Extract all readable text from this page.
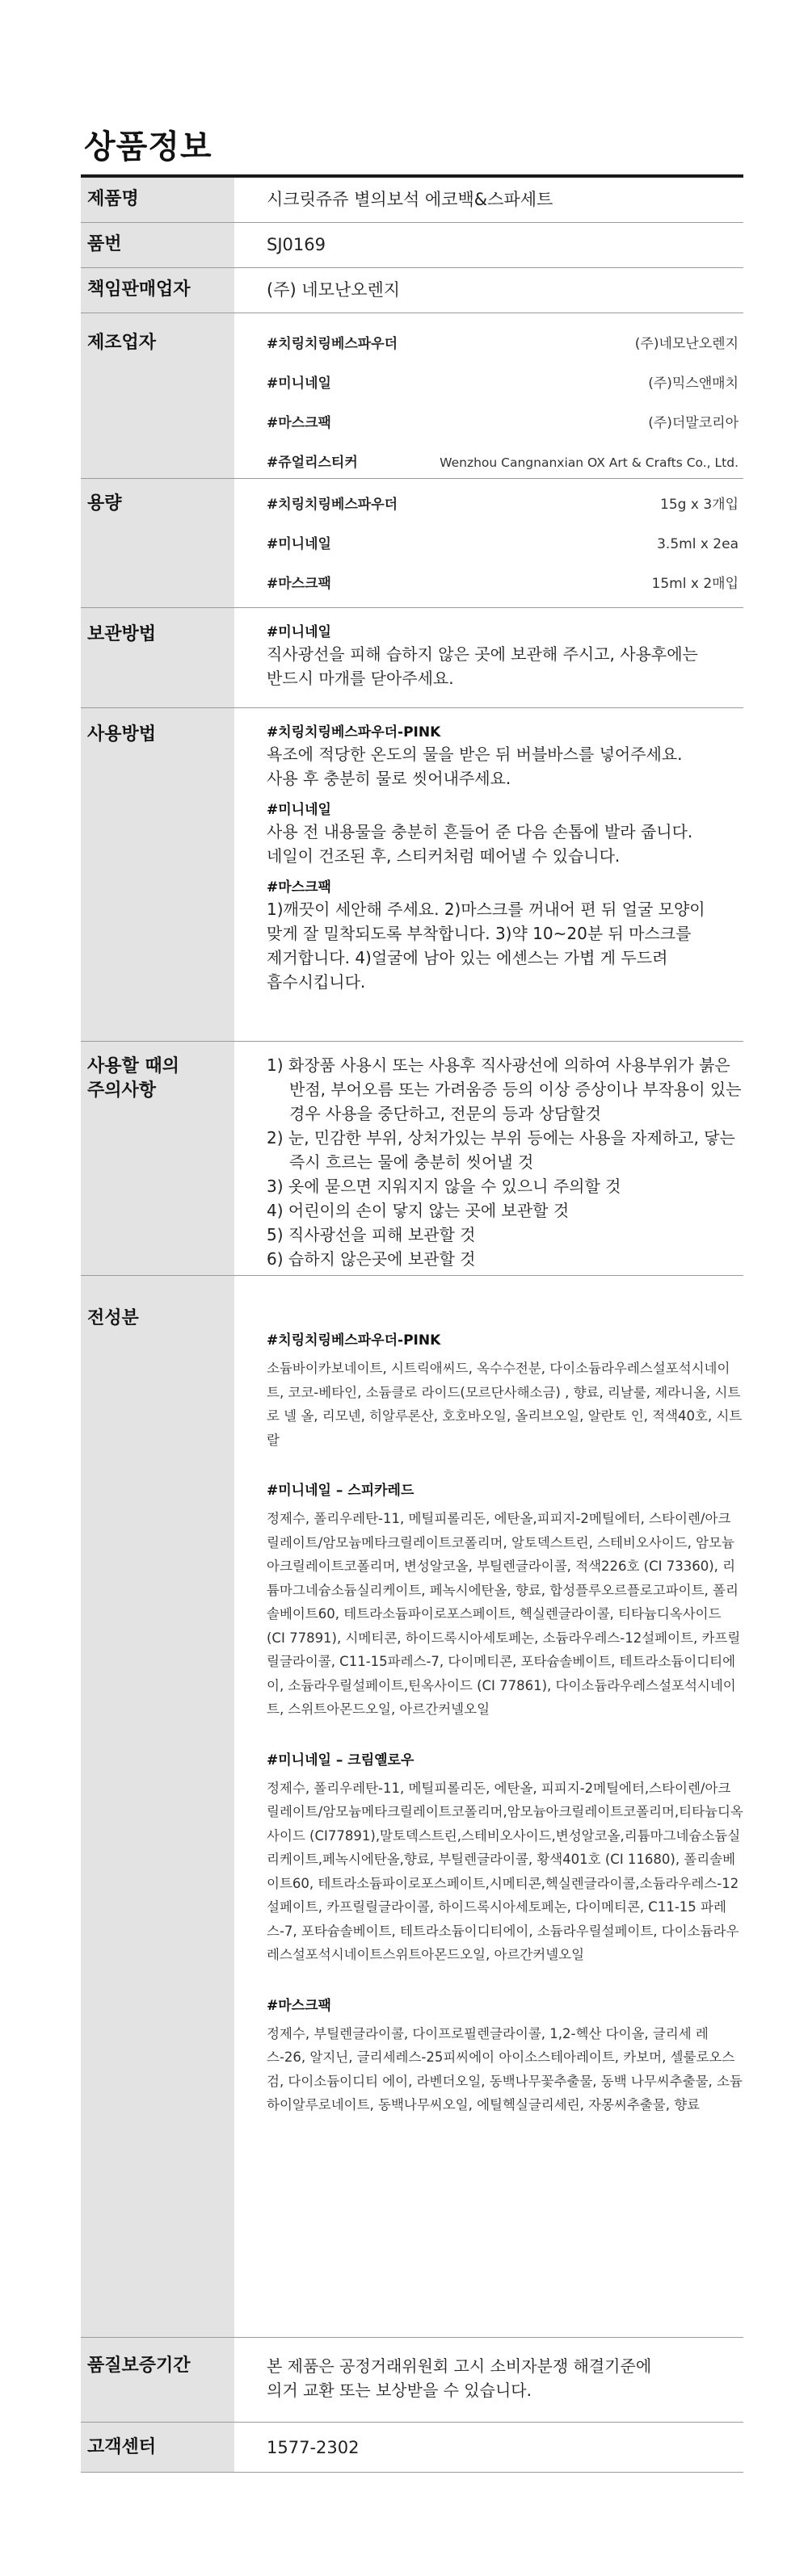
상품정보
제품명	시크릿쥬쥬 별의보석 에코백&스파세트
품번	SJ0169
책임판매업자	(주) 네모난오렌지
제조업자	#치링치링베스파우더	(주)네모난오렌지
#미니네일	(주)믹스앤매치
#마스크팩	(주)더말코리아
#쥬얼리스티커	Wenzhou Cangnanxian OX Art & Crafts Co., Ltd.
용량	#치링치링베스파우더	15g x 3개입
#미니네일	3.5ml x 2ea
#마스크팩	15ml x 2매입
보관방법	#미니네일
직사광선을 피해 습하지 않은 곳에 보관해 주시고, 사용후에는
반드시 마개를 닫아주세요.
사용방법	#치링치링베스파우더-PINK
욕조에 적당한 온도의 물을 받은 뒤 버블바스를 넣어주세요.
사용 후 충분히 물로 씻어내주세요.
#미니네일
사용 전 내용물을 충분히 흔들어 준 다음 손톱에 발라 줍니다.
네일이 건조된 후, 스티커처럼 떼어낼 수 있습니다.
#마스크팩
1)깨끗이 세안해 주세요. 2)마스크를 꺼내어 편 뒤 얼굴 모양이
맞게 잘 밀착되도록 부착합니다. 3)약 10~20분 뒤 마스크를
제거합니다. 4)얼굴에 남아 있는 에센스는 가볍 게 두드려
흡수시킵니다.
사용할 때의
주의사항
1) 화장품 사용시 또는 사용후 직사광선에 의하여 사용부위가 붉은반점, 부어오름 또는 가려움증 등의 이상 증상이나 부작용이 있는 경우 사용을 중단하고, 전문의 등과 상담할것
2) 눈, 민감한 부위, 상처가있는 부위 등에는 사용을 자제하고, 닿는 즉시 흐르는 물에 충분히 씻어낼 것
3) 옷에 묻으면 지워지지 않을 수 있으니 주의할 것
4) 어린이의 손이 닿지 않는 곳에 보관할 것
5) 직사광선을 피해 보관할 것
6) 습하지 않은곳에 보관할 것
전성분
#치링치링베스파우더-PINK
소듐바이카보네이트, 시트릭애씨드, 옥수수전분, 다이소듐라우레스설포석시네이트, 코코-베타인, 소듐클로 라이드(모르단사해소금) , 향료, 리날룰, 제라니올, 시트로 넬 올, 리모넨, 히알루론산, 호호바오일, 올리브오일, 알란토 인, 적색40호, 시트랄
#미니네일 – 스피카레드
정제수, 폴리우레탄-11, 메틸피롤리돈, 에탄올,피피지-2메틸에터, 스타이렌/아크릴레이트/암모늄메타크릴레이트코폴리머, 알토덱스트린, 스테비오사이드, 암모늄아크릴레이트코폴리머, 변성알코올, 부틸렌글라이콜, 적색226호 (CI 73360), 리튬마그네슘소듐실리케이트, 페녹시에탄올, 향료, 합성플루오르플로고파이트, 폴리솔베이트60, 테트라소듐파이로포스페이트, 헥실렌글라이콜, 티타늄디옥사이드 (CI 77891), 시메티콘, 하이드록시아세토페논, 소듐라우레스-12설페이트, 카프릴릴글라이콜, C11-15파레스-7, 다이메티콘, 포타슘솔베이트, 테트라소듐이디티에이, 소듐라우릴설페이트,틴옥사이드 (CI 77861), 다이소듐라우레스설포석시네이트, 스위트아몬드오일, 아르간커넬오일
#미니네일 – 크림옐로우
정제수, 폴리우레탄-11, 메틸피롤리돈, 에탄올, 피피지-2메틸에터,스타이렌/아크릴레이트/암모늄메타크릴레이트코폴리머,암모늄아크릴레이트코폴리머,티타늄디옥사이드 (CI77891),말토덱스트린,스테비오사이드,변성알코올,리튬마그네슘소듐실리케이트,페녹시에탄올,향료, 부틸렌글라이콜, 황색401호 (CI 11680), 폴리솔베이트60, 테트라소듐파이로포스페이트,시메티콘,헥실렌글라이콜,소듐라우레스-12설페이트, 카프릴릴글라이콜, 하이드록시아세토페논, 다이메티콘, C11-15 파레스-7, 포타슘솔베이트, 테트라소듐이디티에이, 소듐라우릴설페이트, 다이소듐라우레스설포석시네이트스위트아몬드오일, 아르간커넬오일
#마스크팩
정제수, 부틸렌글라이콜, 다이프로필렌글라이콜, 1,2-헥산 다이올, 글리세 레스-26, 알지닌, 글리세레스-25피씨에이 아이소스테아레이트, 카보머, 셀룰로오스검, 다이소듐이디티 에이, 라벤더오일, 동백나무꽃추출물, 동백 나무씨추출물, 소듐하이알루로네이트, 동백나무씨오일, 에틸헥실글리세린, 자몽씨추출물, 향료
품질보증기간	본 제품은 공정거래위원회 고시 소비자분쟁 해결기준에
의거 교환 또는 보상받을 수 있습니다.
고객센터	1577-2302
